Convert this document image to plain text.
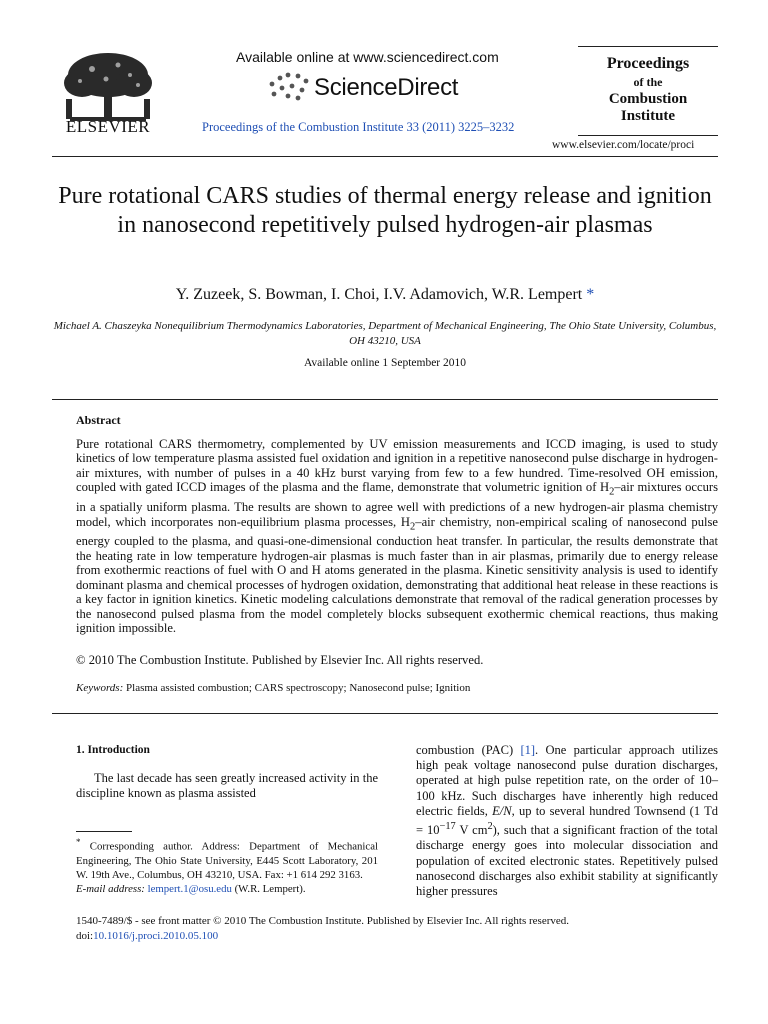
ELSEVIER
Available online at www.sciencedirect.com
ScienceDirect
Proceedings of the Combustion Institute 33 (2011) 3225–3232
Proceedings
of the
Combustion
Institute
www.elsevier.com/locate/proci
Pure rotational CARS studies of thermal energy release and ignition in nanosecond repetitively pulsed hydrogen-air plasmas
Y. Zuzeek, S. Bowman, I. Choi, I.V. Adamovich, W.R. Lempert *
Michael A. Chaszeyka Nonequilibrium Thermodynamics Laboratories, Department of Mechanical Engineering, The Ohio State University, Columbus, OH 43210, USA
Available online 1 September 2010
Abstract
Pure rotational CARS thermometry, complemented by UV emission measurements and ICCD imaging, is used to study kinetics of low temperature plasma assisted fuel oxidation and ignition in a repetitive nanosecond pulse discharge in hydrogen-air mixtures, with number of pulses in a 40 kHz burst varying from few to a few hundred. Time-resolved OH emission, coupled with gated ICCD images of the plasma and the flame, demonstrate that volumetric ignition of $H_2$–air mixtures occurs in a spatially uniform plasma. The results are shown to agree well with predictions of a new hydrogen-air plasma chemistry model, which incorporates non-equilibrium plasma processes, $H_2$–air chemistry, non-empirical scaling of nanosecond pulse energy coupled to the plasma, and quasi-one-dimensional conduction heat transfer. In particular, the results demonstrate that the heating rate in low temperature hydrogen-air plasmas is much faster than in air plasmas, primarily due to energy release from exothermic reactions of fuel with O and H atoms generated in the plasma. Kinetic sensitivity analysis is used to identify dominant plasma and chemical processes of hydrogen oxidation, demonstrating that additional heat release in these reactions is a key factor in ignition kinetics. Kinetic modeling calculations demonstrate that removal of the radical generation processes by the nanosecond pulsed plasma from the model completely blocks subsequent exothermic chemical reactions, thus making ignition impossible.
© 2010 The Combustion Institute. Published by Elsevier Inc. All rights reserved.
Keywords: Plasma assisted combustion; CARS spectroscopy; Nanosecond pulse; Ignition
1. Introduction
The last decade has seen greatly increased activity in the discipline known as plasma assisted
* Corresponding author. Address: Department of Mechanical Engineering, The Ohio State University, E445 Scott Laboratory, 201 W. 19th Ave., Columbus, OH 43210, USA. Fax: +1 614 292 3163.
E-mail address: lempert.1@osu.edu (W.R. Lempert).
combustion (PAC) [1]. One particular approach utilizes high peak voltage nanosecond pulse duration discharges, operated at high pulse repetition rate, on the order of 10–100 kHz. Such discharges have inherently high reduced electric fields, E/N, up to several hundred Townsend (1 $Td = 10^{-17}$ V $cm^2$), such that a significant fraction of the total discharge energy goes into molecular dissociation and population of excited electronic states. Repetitively pulsed nanosecond discharges also exhibit stability at significantly higher pressures
1540-7489/$ - see front matter © 2010 The Combustion Institute. Published by Elsevier Inc. All rights reserved.
doi:10.1016/j.proci.2010.05.100
